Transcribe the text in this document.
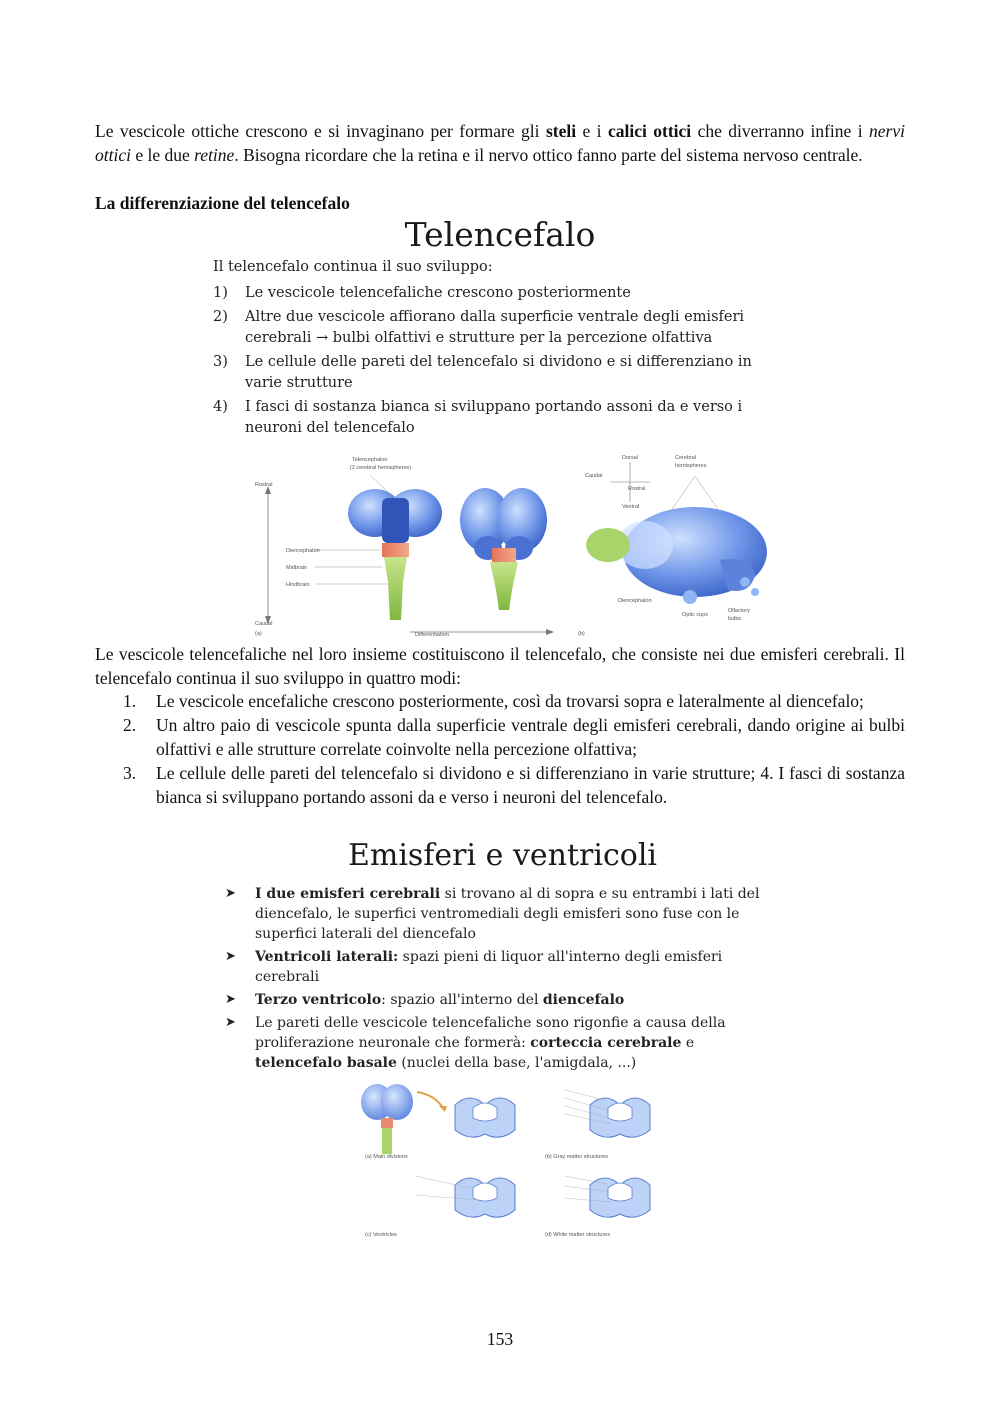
Le vescicole ottiche crescono e si invaginano per formare gli steli e i calici ottici che diverranno infine i nervi ottici e le due retine. Bisogna ricordare che la retina e il nervo ottico fanno parte del sistema nervoso centrale.

La differenziazione del telencefalo

Telencefalo
Il telencefalo continua il suo sviluppo:
1) Le vescicole telencefaliche crescono posteriormente
2) Altre due vescicole affiorano dalla superficie ventrale degli emisferi cerebrali → bulbi olfattivi e strutture per la percezione olfattiva
3) Le cellule delle pareti del telencefalo si dividono e si differenziano in varie strutture
4) I fasci di sostanza bianca si sviluppano portando assoni da e verso i neuroni del telencefalo
Telencephalon
(2 cerebral hemispheres)
Rostral
Diencephalon
Midbrain
Hindbrain
Caudal
(a)	Differentiation	(b)
Dorsal
Caudal
Rostral
Ventral
Cerebral
hemispheres
Diencephalon
Optic cups
Olfactory
bulbs

Le vescicole telencefaliche nel loro insieme costituiscono il telencefalo, che consiste nei due emisferi cerebrali. Il telencefalo continua il suo sviluppo in quattro modi:

1. Le vescicole encefaliche crescono posteriormente, così da trovarsi sopra e lateralmente al diencefalo;
2. Un altro paio di vescicole spunta dalla superficie ventrale degli emisferi cerebrali, dando origine ai bulbi olfattivi e alle strutture correlate coinvolte nella percezione olfattiva;
3. Le cellule delle pareti del telencefalo si dividono e si differenziano in varie strutture; 4. I fasci di sostanza bianca si sviluppano portando assoni da e verso i neuroni del telencefalo.
Emisferi e ventricoli
➤ I due emisferi cerebrali si trovano al di sopra e su entrambi i lati del diencefalo, le superfici ventromediali degli emisferi sono fuse con le superfici laterali del diencefalo
➤ Ventricoli laterali: spazi pieni di liquor all'interno degli emisferi cerebrali
➤ Terzo ventricolo: spazio all'interno del diencefalo
➤ Le pareti delle vescicole telencefaliche sono rigonfie a causa della proliferazione neuronale che formerà: corteccia cerebrale e telencefalo basale (nuclei della base, l'amigdala, ...)
(a) Main divisions	(b) Gray matter structures
(c) Ventricles	(d) White matter structures
153
